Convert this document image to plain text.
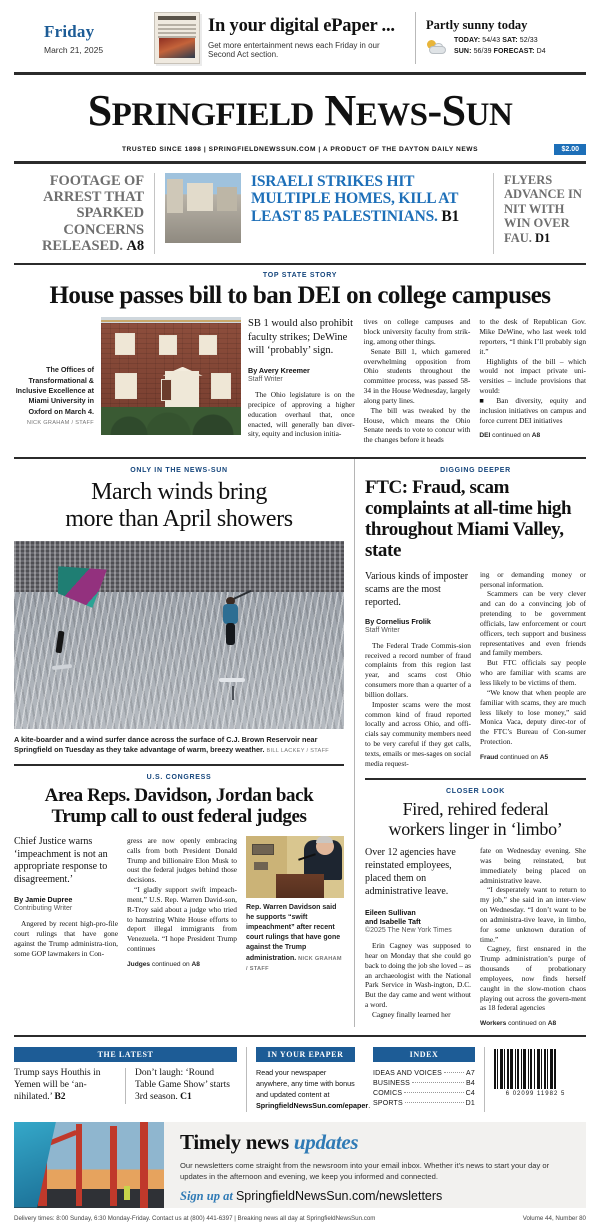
Friday
March 21, 2025
In your digital ePaper ...
Get more entertainment news each Friday in our Second Act section.
Partly sunny today
TODAY: 54/43 SAT: 52/33
SUN: 56/39 FORECAST: D4
SPRINGFIELD NEWS-SUN
TRUSTED SINCE 1898 | SPRINGFIELDNEWSSUN.COM | A PRODUCT OF THE DAYTON DAILY NEWS	$2.00
FOOTAGE OF ARREST THAT SPARKED CONCERNS RELEASED. A8
ISRAELI STRIKES HIT MULTIPLE HOMES, KILL AT LEAST 85 PALESTINIANS. B1
FLYERS ADVANCE IN NIT WITH WIN OVER FAU. D1
TOP STATE STORY
House passes bill to ban DEI on college campuses
The Offices of Transformational & Inclusive Excellence at Miami University in Oxford on March 4.
NICK GRAHAM / STAFF
SB 1 would also prohibit faculty strikes; DeWine will ‘probably’ sign.
By Avery Kreemer
Staff Writer

The Ohio legislature is on the precipice of approving a higher education overhaul that, once enacted, will generally ban diver-sity, equity and inclusion initia-

tives on college campuses and block university faculty from strik-ing, among other things.

Senate Bill 1, which garnered overwhelming opposition from Ohio students throughout the committee process, was passed 58-34 in the House Wednesday, largely along party lines.

The bill was tweaked by the House, which means the Ohio Senate needs to vote to concur with the changes before it heads

to the desk of Republican Gov. Mike DeWine, who last week told reporters, “I think I’ll probably sign it.”

Highlights of the bill – which would not impact private uni-versities – include provisions that would:

■ Ban diversity, equity and inclusion initiatives on campus and force current DEI initiatives

DEI continued on A8
ONLY IN THE NEWS-SUN
March winds bring
more than April showers
A kite-boarder and a wind surfer dance across the surface of C.J. Brown Reservoir near Springfield on Tuesday as they take advantage of warm, breezy weather. BILL LACKEY / STAFF
U.S. CONGRESS
Area Reps. Davidson, Jordan back
Trump call to oust federal judges
Chief Justice warns ‘impeachment is not an appropriate response to disagreement.’
By Jamie Dupree
Contributing Writer

Angered by recent high-pro-file court rulings that have gone against the Trump administra-tion, some GOP lawmakers in Con-

gress are now openly embracing calls from both President Donald Trump and billionaire Elon Musk to oust the federal judges behind those decisions.

“I gladly support swift impeach-ment,” U.S. Rep. Warren David-son, R-Troy said about a judge who tried to hamstring White House efforts to deport illegal immigrants from Venezuela. “I hope President Trump continues

Judges continued on A8
Rep. Warren Davidson said he supports “swift impeachment” after recent court rulings that have gone against the Trump administration. NICK GRAHAM / STAFF
DIGGING DEEPER
FTC: Fraud, scam complaints at all-time high throughout Miami Valley, state
Various kinds of imposter scams are the most reported.
By Cornelius Frolik
Staff Writer

The Federal Trade Commis-sion received a record number of fraud complaints from this region last year, and scams cost Ohio consumers more than a quarter of a billion dollars.

Imposter scams were the most common kind of fraud reported locally and across Ohio, and offi-cials say community members need to be very careful if they get calls, texts, emails or mes-sages on social media request-

ing or demanding money or personal information.

Scammers can be very clever and can do a convincing job of pretending to be government officials, law enforcement or court officers, tech support and business representatives and even friends and family members.

But FTC officials say people who are familiar with scams are less likely to be victims of them.

“We know that when people are familiar with scams, they are much less likely to lose money,” said Monica Vaca, deputy direc-tor of the FTC’s Bureau of Con-sumer Protection.

Fraud continued on A5
CLOSER LOOK
Fired, rehired federal
workers linger in ‘limbo’
Over 12 agencies have reinstated employees, placed them on administrative leave.
Eileen Sullivan
and Isabelle Taft
©2025 The New York Times

Erin Cagney was supposed to hear on Monday that she could go back to doing the job she loved – as an archaeologist with the National Park Service in Wash-ington, D.C. But the day came and went without a word.

Cagney finally learned her

fate on Wednesday evening. She was being reinstated, but immediately being placed on administrative leave.

“I desperately want to return to my job,” she said in an inter-view on Wednesday. “I don’t want to be on administra-tive leave, in limbo, for some unknown duration of time.”

Cagney, first ensnared in the Trump administration’s purge of thousands of probationary employees, now finds herself caught in the slow-motion chaos playing out across the govern-ment as 18 federal agencies

Workers continued on A8
THE LATEST
Trump says Houthis in Yemen will be ‘an-nihilated.’ B2
Don’t laugh: ‘Round Table Game Show’ starts 3rd season. C1
IN YOUR EPAPER
Read your newspaper anywhere, any time with bonus and updated content at SpringfieldNewsSun.com/epaper.
INDEX
IDEAS AND VOICES	A7
BUSINESS	B4
COMICS	C4
SPORTS	D1
6 02099 11982 5
Timely news updates
Our newsletters come straight from the newsroom into your email inbox. Whether it’s news to start your day or updates in the afternoon and evening, we keep you informed and connected.
Sign up at SpringfieldNewsSun.com/newsletters
Delivery times: 8:00 Sunday, 6:30 Monday-Friday. Contact us at (800) 441-6397 | Breaking news all day at SpringfieldNewsSun.com	Volume 44, Number 80
